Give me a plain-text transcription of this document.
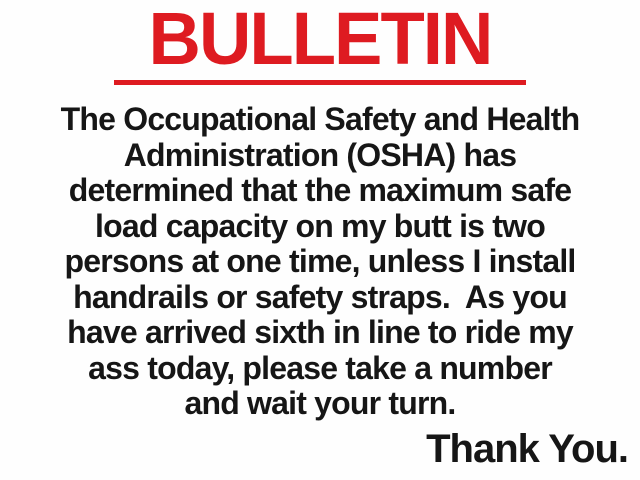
BULLETIN
The Occupational Safety and Health
Administration (OSHA) has
determined that the maximum safe
load capacity on my butt is two
persons at one time, unless I install
handrails or safety straps.  As you
have arrived sixth in line to ride my
ass today, please take a number
and wait your turn.
Thank You.
